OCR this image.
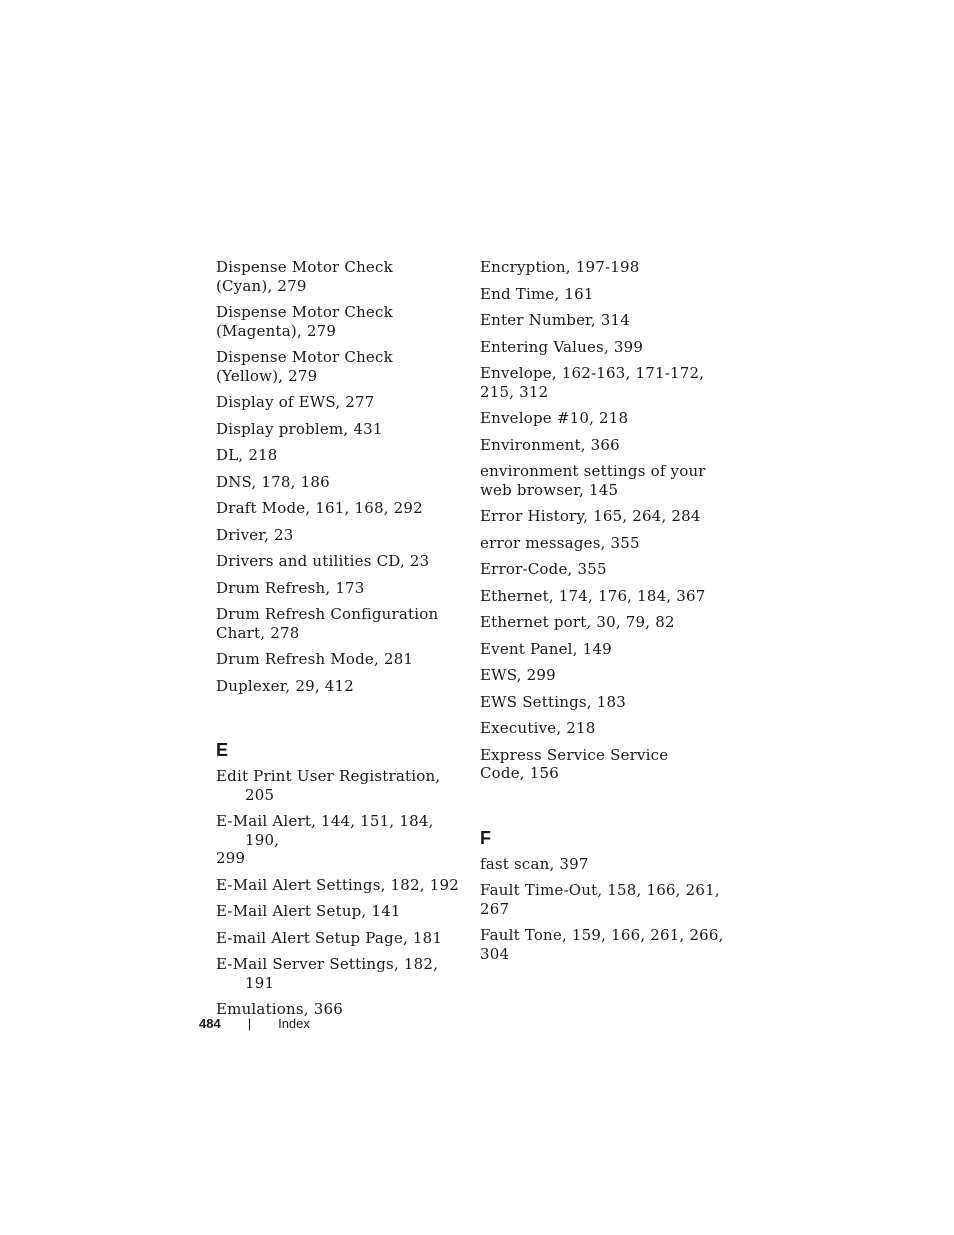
Dispense Motor Check
(Cyan), 279
Dispense Motor Check
(Magenta), 279
Dispense Motor Check
(Yellow), 279
Display of EWS, 277
Display problem, 431
DL, 218
DNS, 178, 186
Draft Mode, 161, 168, 292
Driver, 23
Drivers and utilities CD, 23
Drum Refresh, 173
Drum Refresh Configuration
Chart, 278
Drum Refresh Mode, 281
Duplexer, 29, 412
E
Edit Print User Registration, 205
E-Mail Alert, 144, 151, 184, 190,
299
E-Mail Alert Settings, 182, 192
E-Mail Alert Setup, 141
E-mail Alert Setup Page, 181
E-Mail Server Settings, 182, 191
Emulations, 366
Encryption, 197-198
End Time, 161
Enter Number, 314
Entering Values, 399
Envelope, 162-163, 171-172,
215, 312
Envelope #10, 218
Environment, 366
environment settings of your
web browser, 145
Error History, 165, 264, 284
error messages, 355
Error-Code, 355
Ethernet, 174, 176, 184, 367
Ethernet port, 30, 79, 82
Event Panel, 149
EWS, 299
EWS Settings, 183
Executive, 218
Express Service Service
Code, 156
F
fast scan, 397
Fault Time-Out, 158, 166, 261,
267
Fault Tone, 159, 166, 261, 266,
304
484 | Index
